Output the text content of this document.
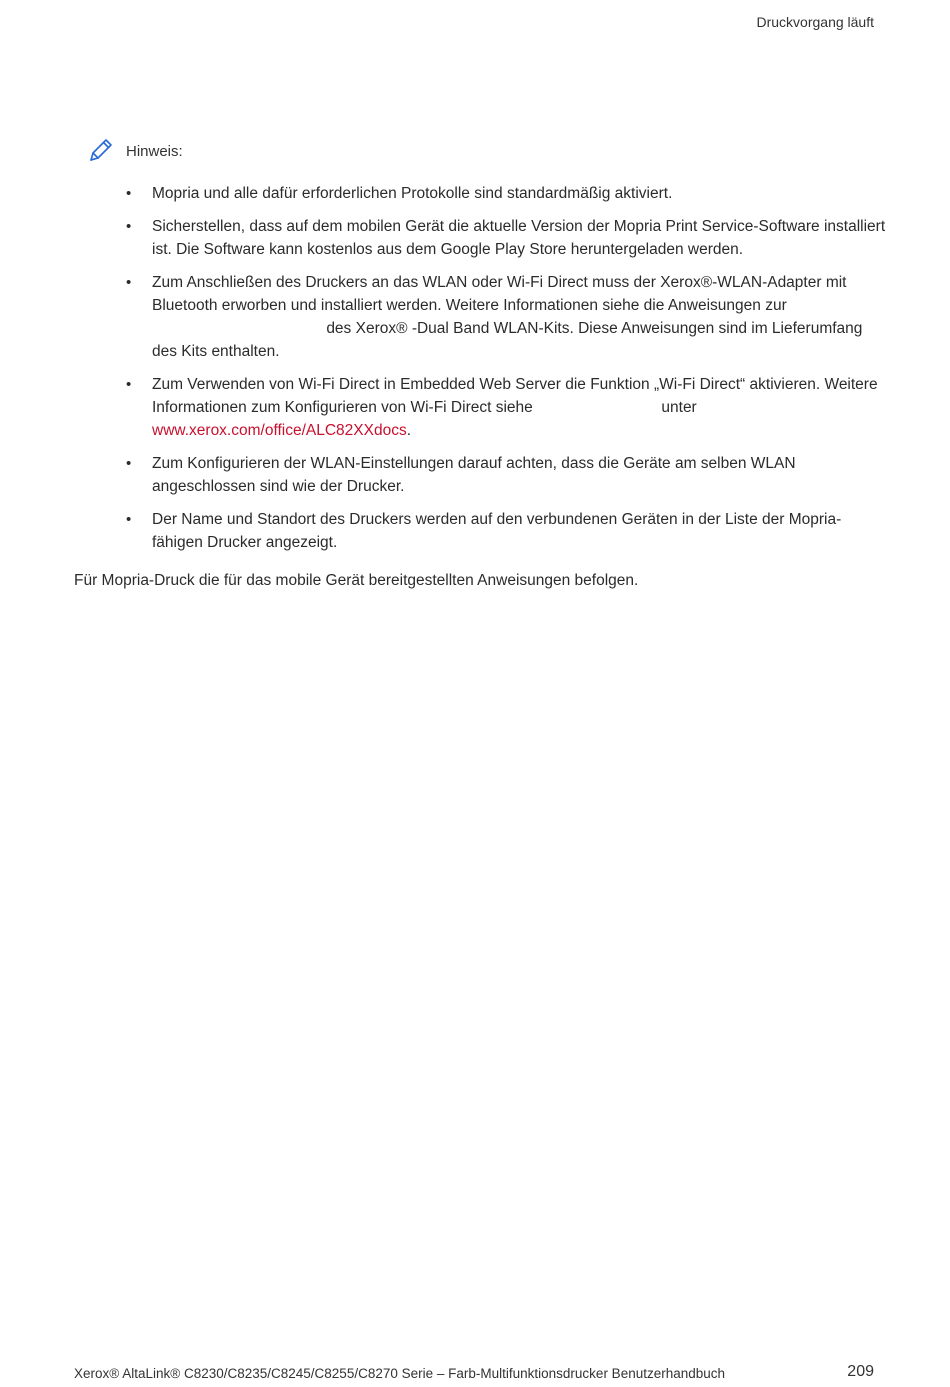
Druckvorgang läuft
Hinweis:
• Mopria und alle dafür erforderlichen Protokolle sind standardmäßig aktiviert.
• Sicherstellen, dass auf dem mobilen Gerät die aktuelle Version der Mopria Print Service-Software installiert ist. Die Software kann kostenlos aus dem Google Play Store heruntergeladen werden.
• Zum Anschließen des Druckers an das WLAN oder Wi-Fi Direct muss der Xerox®-WLAN-Adapter mit Bluetooth erworben und installiert werden. Weitere Informationen siehe die Anweisungen zur  des Xerox® -Dual Band WLAN-Kits. Diese Anweisungen sind im Lieferumfang des Kits enthalten.
• Zum Verwenden von Wi-Fi Direct in Embedded Web Server die Funktion „Wi-Fi Direct“ aktivieren. Weitere Informationen zum Konfigurieren von Wi-Fi Direct siehe	unter www.xerox.com/office/ALC82XXdocs.
• Zum Konfigurieren der WLAN-Einstellungen darauf achten, dass die Geräte am selben WLAN angeschlossen sind wie der Drucker.
• Der Name und Standort des Druckers werden auf den verbundenen Geräten in der Liste der Mopria-fähigen Drucker angezeigt.
Für Mopria-Druck die für das mobile Gerät bereitgestellten Anweisungen befolgen.
Xerox® AltaLink® C8230/C8235/C8245/C8255/C8270 Serie – Farb-Multifunktionsdrucker Benutzerhandbuch	209
